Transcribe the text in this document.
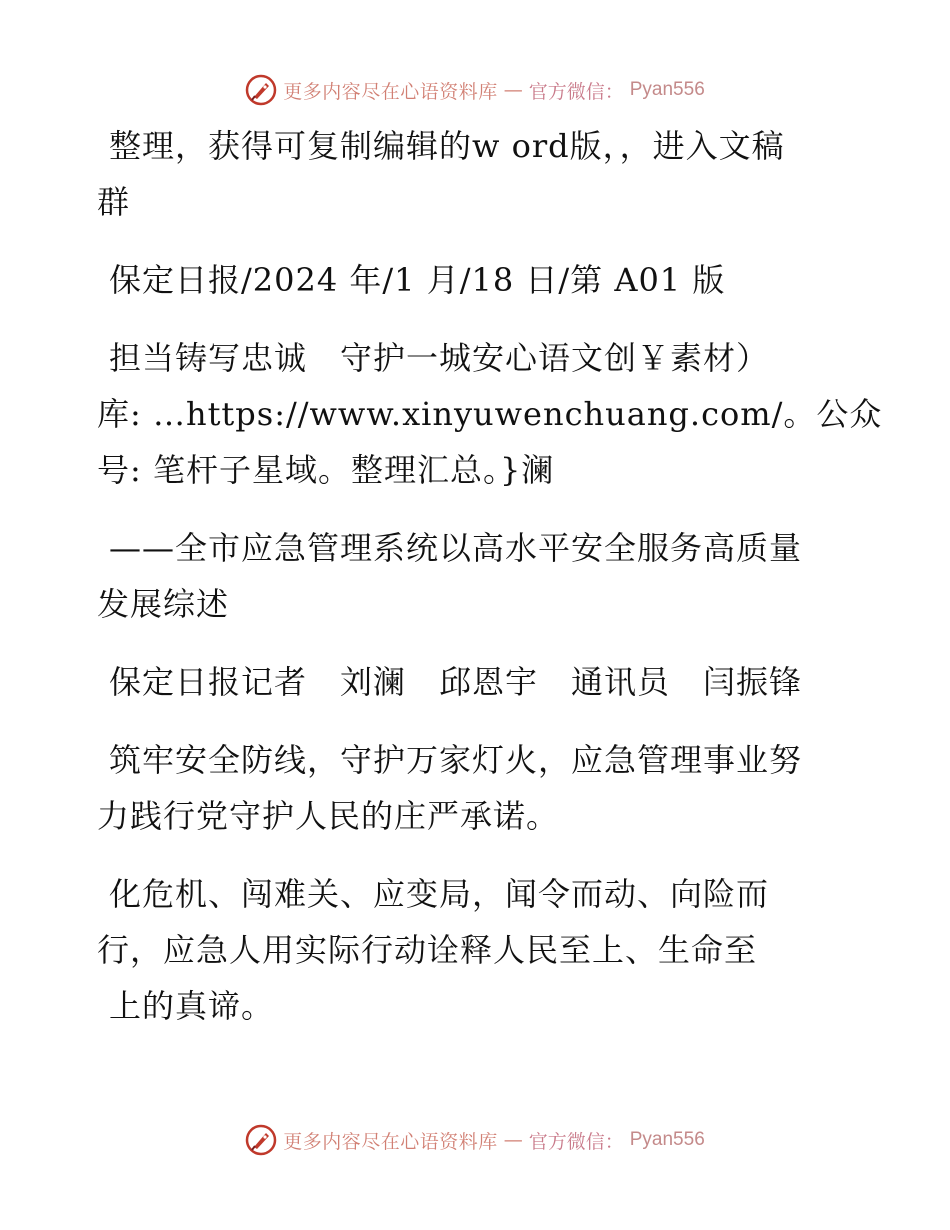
更多内容尽在心语资料库 — 官方微信： Pyan556
整理，获得可复制编辑的w ord版，，进入文稿
群
保定日报/2024 年/1 月/18 日/第 A01 版
担当铸写忠诚　守护一城安心语文创￥素材）
库: …https://www.xinyuwenchuang.com/。公众
号: 笔杆子星域。整理汇总。}澜
——全市应急管理系统以高水平安全服务高质量
发展综述
保定日报记者　刘澜　邱恩宇　通讯员　闫振锋
筑牢安全防线，守护万家灯火，应急管理事业努
力践行党守护人民的庄严承诺。
化危机、闯难关、应变局，闻令而动、向险而
行，应急人用实际行动诠释人民至上、生命至
上的真谛。
更多内容尽在心语资料库 — 官方微信： Pyan556
